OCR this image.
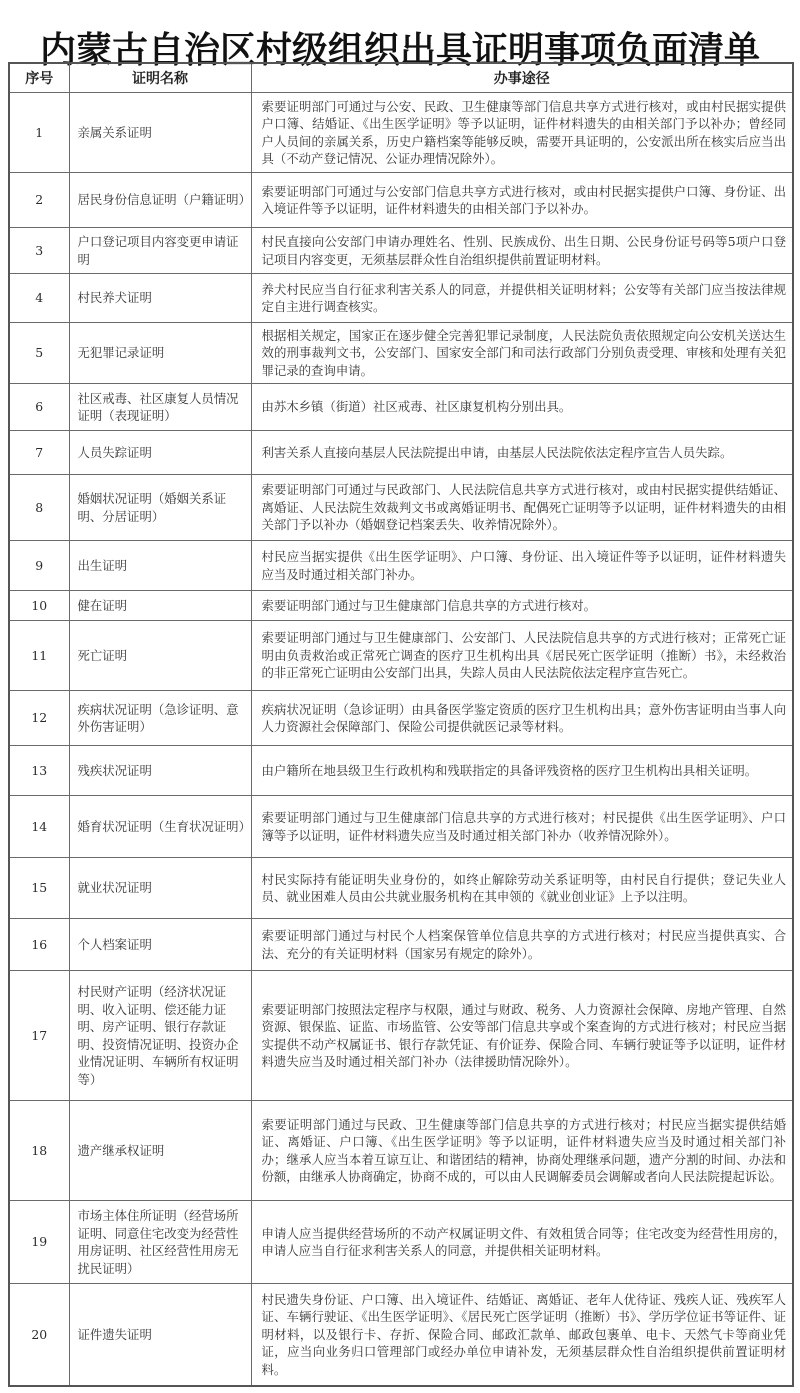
内蒙古自治区村级组织出具证明事项负面清单
序号	证明名称	办事途径
1	亲属关系证明	索要证明部门可通过与公安、民政、卫生健康等部门信息共享方式进行核对，或由村民据实提供户口簿、结婚证、《出生医学证明》等予以证明，证件材料遗失的由相关部门予以补办；曾经同户人员间的亲属关系，历史户籍档案等能够反映，需要开具证明的，公安派出所在核实后应当出具（不动产登记情况、公证办理情况除外）。
2	居民身份信息证明（户籍证明）	索要证明部门可通过与公安部门信息共享方式进行核对，或由村民据实提供户口簿、身份证、出入境证件等予以证明，证件材料遗失的由相关部门予以补办。
3	户口登记项目内容变更申请证明	村民直接向公安部门申请办理姓名、性别、民族成份、出生日期、公民身份证号码等5项户口登记项目内容变更，无须基层群众性自治组织提供前置证明材料。
4	村民养犬证明	养犬村民应当自行征求利害关系人的同意，并提供相关证明材料；公安等有关部门应当按法律规定自主进行调查核实。
5	无犯罪记录证明	根据相关规定，国家正在逐步健全完善犯罪记录制度，人民法院负责依照规定向公安机关送达生效的刑事裁判文书，公安部门、国家安全部门和司法行政部门分别负责受理、审核和处理有关犯罪记录的查询申请。
6	社区戒毒、社区康复人员情况证明（表现证明）	由苏木乡镇（街道）社区戒毒、社区康复机构分别出具。
7	人员失踪证明	利害关系人直接向基层人民法院提出申请，由基层人民法院依法定程序宣告人员失踪。
8	婚姻状况证明（婚姻关系证明、分居证明）	索要证明部门可通过与民政部门、人民法院信息共享方式进行核对，或由村民据实提供结婚证、离婚证、人民法院生效裁判文书或离婚证明书、配偶死亡证明等予以证明，证件材料遗失的由相关部门予以补办（婚姻登记档案丢失、收养情况除外）。
9	出生证明	村民应当据实提供《出生医学证明》、户口簿、身份证、出入境证件等予以证明，证件材料遗失应当及时通过相关部门补办。
10	健在证明	索要证明部门通过与卫生健康部门信息共享的方式进行核对。
11	死亡证明	索要证明部门通过与卫生健康部门、公安部门、人民法院信息共享的方式进行核对；正常死亡证明由负责救治或正常死亡调查的医疗卫生机构出具《居民死亡医学证明（推断）书》，未经救治的非正常死亡证明由公安部门出具，失踪人员由人民法院依法定程序宣告死亡。
12	疾病状况证明（急诊证明、意外伤害证明）	疾病状况证明（急诊证明）由具备医学鉴定资质的医疗卫生机构出具；意外伤害证明由当事人向人力资源社会保障部门、保险公司提供就医记录等材料。
13	残疾状况证明	由户籍所在地县级卫生行政机构和残联指定的具备评残资格的医疗卫生机构出具相关证明。
14	婚育状况证明（生育状况证明）	索要证明部门通过与卫生健康部门信息共享的方式进行核对；村民提供《出生医学证明》、户口簿等予以证明，证件材料遗失应当及时通过相关部门补办（收养情况除外）。
15	就业状况证明	村民实际持有能证明失业身份的，如终止解除劳动关系证明等，由村民自行提供；登记失业人员、就业困难人员由公共就业服务机构在其申领的《就业创业证》上予以注明。
16	个人档案证明	索要证明部门通过与村民个人档案保管单位信息共享的方式进行核对；村民应当提供真实、合法、充分的有关证明材料（国家另有规定的除外）。
17	村民财产证明（经济状况证明、收入证明、偿还能力证明、房产证明、银行存款证明、投资情况证明、投资办企业情况证明、车辆所有权证明等）	索要证明部门按照法定程序与权限，通过与财政、税务、人力资源社会保障、房地产管理、自然资源、银保监、证监、市场监管、公安等部门信息共享或个案查询的方式进行核对；村民应当据实提供不动产权属证书、银行存款凭证、有价证券、保险合同、车辆行驶证等予以证明，证件材料遗失应当及时通过相关部门补办（法律援助情况除外）。
18	遗产继承权证明	索要证明部门通过与民政、卫生健康等部门信息共享的方式进行核对；村民应当据实提供结婚证、离婚证、户口簿、《出生医学证明》等予以证明，证件材料遗失应当及时通过相关部门补办；继承人应当本着互谅互让、和谐团结的精神，协商处理继承问题，遗产分割的时间、办法和份额，由继承人协商确定，协商不成的，可以由人民调解委员会调解或者向人民法院提起诉讼。
19	市场主体住所证明（经营场所证明、同意住宅改变为经营性用房证明、社区经营性用房无扰民证明）	申请人应当提供经营场所的不动产权属证明文件、有效租赁合同等；住宅改变为经营性用房的，申请人应当自行征求利害关系人的同意，并提供相关证明材料。
20	证件遗失证明	村民遗失身份证、户口簿、出入境证件、结婚证、离婚证、老年人优待证、残疾人证、残疾军人证、车辆行驶证、《出生医学证明》、《居民死亡医学证明（推断）书》、学历学位证书等证件、证明材料，以及银行卡、存折、保险合同、邮政汇款单、邮政包裹单、电卡、天然气卡等商业凭证，应当向业务归口管理部门或经办单位申请补发，无须基层群众性自治组织提供前置证明材料。
